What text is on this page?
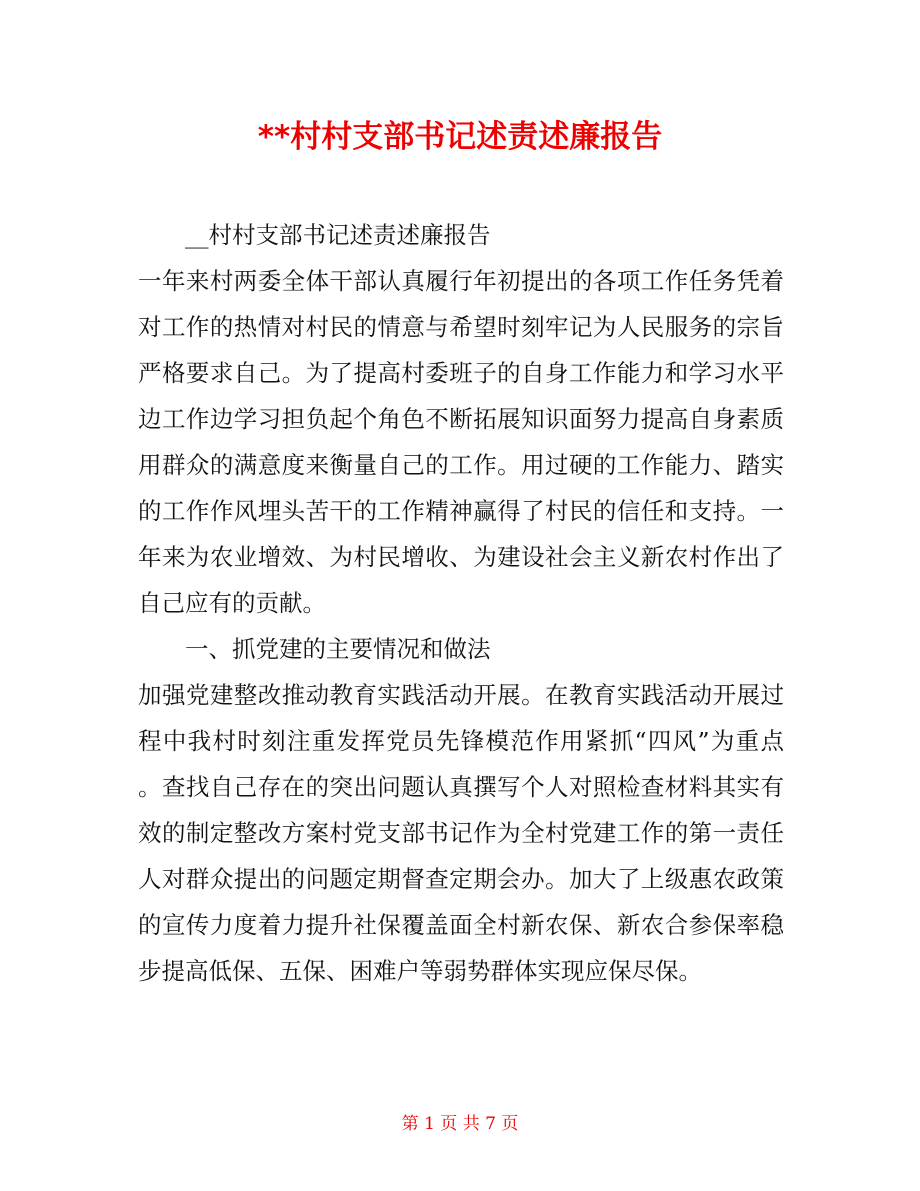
**村村支部书记述责述廉报告
__村村支部书记述责述廉报告
一年来村两委全体干部认真履行年初提出的各项工作任务凭着
对工作的热情对村民的情意与希望时刻牢记为人民服务的宗旨
严格要求自己。为了提高村委班子的自身工作能力和学习水平
边工作边学习担负起个角色不断拓展知识面努力提高自身素质
用群众的满意度来衡量自己的工作。用过硬的工作能力、踏实
的工作作风埋头苦干的工作精神赢得了村民的信任和支持。一
年来为农业增效、为村民增收、为建设社会主义新农村作出了
自己应有的贡献。
一、抓党建的主要情况和做法
加强党建整改推动教育实践活动开展。在教育实践活动开展过
程中我村时刻注重发挥党员先锋模范作用紧抓“四风”为重点
。查找自己存在的突出问题认真撰写个人对照检查材料其实有
效的制定整改方案村党支部书记作为全村党建工作的第一责任
人对群众提出的问题定期督查定期会办。加大了上级惠农政策
的宣传力度着力提升社保覆盖面全村新农保、新农合参保率稳
步提高低保、五保、困难户等弱势群体实现应保尽保。
第 1 页 共 7 页
